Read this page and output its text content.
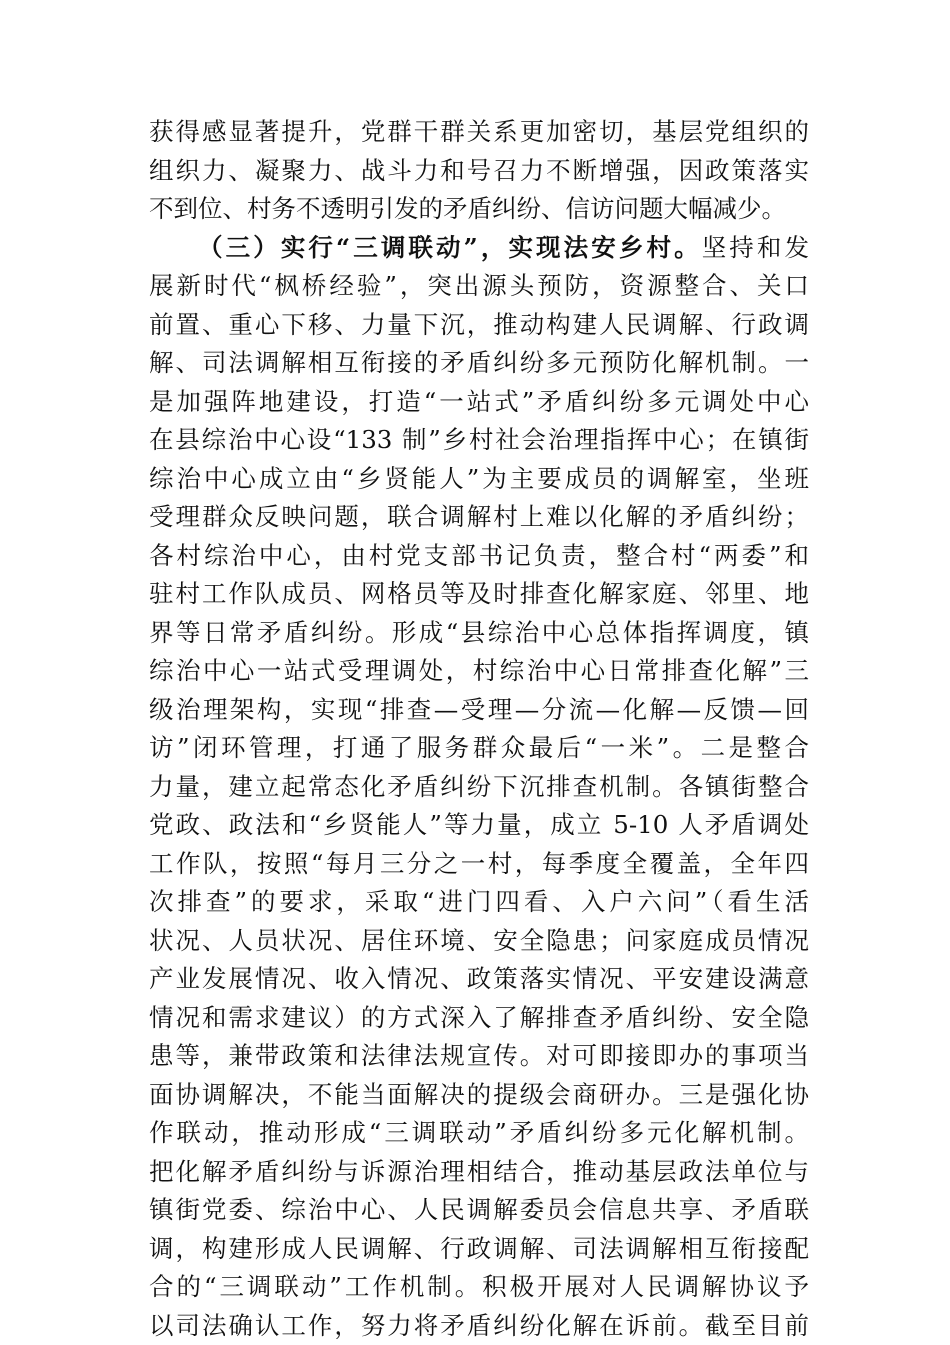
获得感显著提升，党群干群关系更加密切，基层党组织的
组织力、凝聚力、战斗力和号召力不断增强，因政策落实
不到位、村务不透明引发的矛盾纠纷、信访问题大幅减少。
（三）实行“三调联动”，实现法安乡村。坚持和发
展新时代“枫桥经验”，突出源头预防，资源整合、关口
前置、重心下移、力量下沉，推动构建人民调解、行政调
解、司法调解相互衔接的矛盾纠纷多元预防化解机制。一
是加强阵地建设，打造“一站式”矛盾纠纷多元调处中心
在县综治中心设“133 制”乡村社会治理指挥中心；在镇街
综治中心成立由“乡贤能人”为主要成员的调解室，坐班
受理群众反映问题，联合调解村上难以化解的矛盾纠纷；
各村综治中心，由村党支部书记负责，整合村“两委”和
驻村工作队成员、网格员等及时排查化解家庭、邻里、地
界等日常矛盾纠纷。形成“县综治中心总体指挥调度，镇
综治中心一站式受理调处，村综治中心日常排查化解”三
级治理架构，实现“排查—受理—分流—化解—反馈—回
访”闭环管理，打通了服务群众最后“一米”。二是整合
力量，建立起常态化矛盾纠纷下沉排查机制。各镇街整合
党政、政法和“乡贤能人”等力量，成立 5-10 人矛盾调处
工作队，按照“每月三分之一村，每季度全覆盖，全年四
次排查”的要求，采取“进门四看、入户六问”（看生活
状况、人员状况、居住环境、安全隐患；问家庭成员情况
产业发展情况、收入情况、政策落实情况、平安建设满意
情况和需求建议）的方式深入了解排查矛盾纠纷、安全隐
患等，兼带政策和法律法规宣传。对可即接即办的事项当
面协调解决，不能当面解决的提级会商研办。三是强化协
作联动，推动形成“三调联动”矛盾纠纷多元化解机制。
把化解矛盾纠纷与诉源治理相结合，推动基层政法单位与
镇街党委、综治中心、人民调解委员会信息共享、矛盾联
调，构建形成人民调解、行政调解、司法调解相互衔接配
合的“三调联动”工作机制。积极开展对人民调解协议予
以司法确认工作，努力将矛盾纠纷化解在诉前。截至目前
